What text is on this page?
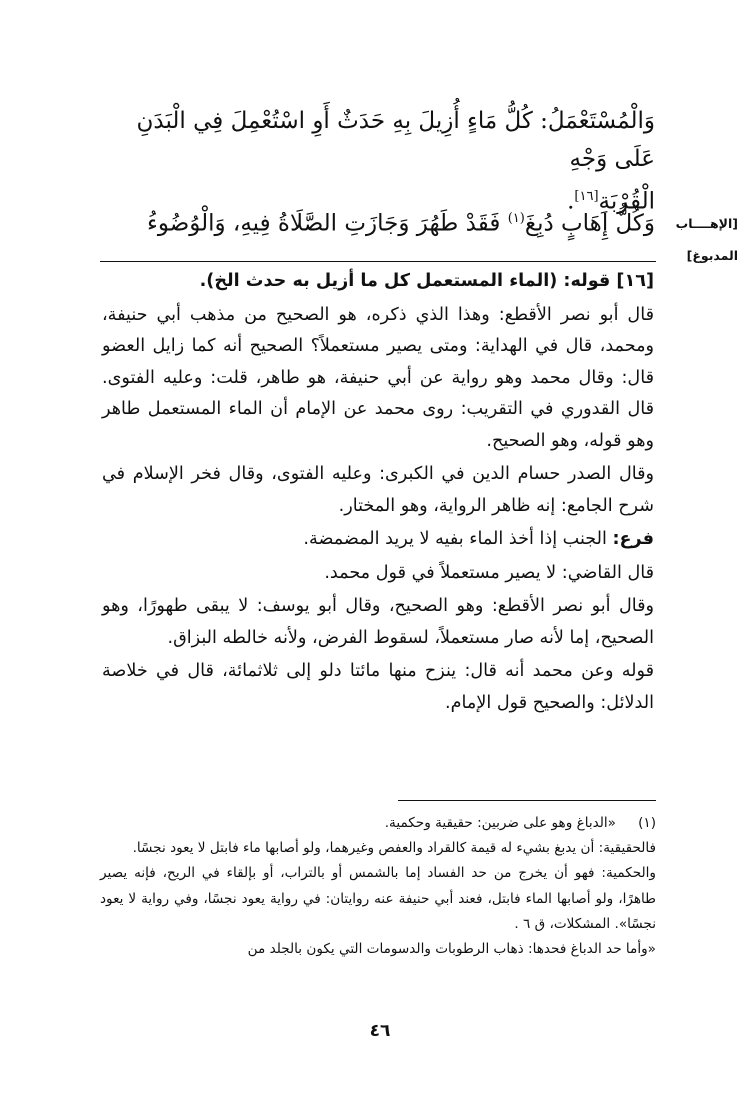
وَالْمُسْتَعْمَلُ: كُلُّ مَاءٍ أُزِيلَ بِهِ حَدَثٌ أَوِ اسْتُعْمِلَ فِي الْبَدَنِ عَلَى وَجْهِ
الْقُرْبَةِ[١٦].
وَكُلُّ إِهَابٍ دُبِغَ$^{(١)}$ فَقَدْ طَهُرَ وَجَازَتِ الصَّلَاةُ فِيهِ، وَالْوُضُوءُ	[الإهــــاب
المدبوغ]

[١٦] قوله: (الماء المستعمل كل ما أزيل به حدث الخ).

قال أبو نصر الأقطع: وهذا الذي ذكره، هو الصحيح من مذهب أبي حنيفة، ومحمد، قال في الهداية: ومتى يصير مستعملاً؟ الصحيح أنه كما زايل العضو قال: وقال محمد وهو رواية عن أبي حنيفة، هو طاهر، قلت: وعليه الفتوى. قال القدوري في التقريب: روى محمد عن الإمام أن الماء المستعمل طاهر وهو قوله، وهو الصحيح.

وقال الصدر حسام الدين في الكبرى: وعليه الفتوى، وقال فخر الإسلام في شرح الجامع: إنه ظاهر الرواية، وهو المختار.

فرع: الجنب إذا أخذ الماء بفيه لا يريد المضمضة.

قال القاضي: لا يصير مستعملاً في قول محمد.

وقال أبو نصر الأقطع: وهو الصحيح، وقال أبو يوسف: لا يبقى طهورًا، وهو الصحيح، إما لأنه صار مستعملاً، لسقوط الفرض، ولأنه خالطه البزاق.

قوله وعن محمد أنه قال: ينزح منها مائتا دلو إلى ثلاثمائة، قال في خلاصة الدلائل: والصحيح قول الإمام.

(١)«الدباغ وهو على ضربين: حقيقية وحكمية.

فالحقيقية: أن يدبغ بشيء له قيمة كالقراد والعفص وغيرهما، ولو أصابها ماء فابتل لا يعود نجسًا.

والحكمية: فهو أن يخرج من حد الفساد إما بالشمس أو بالتراب، أو بإلقاء في الريح، فإنه يصير طاهرًا، ولو أصابها الماء فابتل، فعند أبي حنيفة عنه روايتان: في رواية يعود نجسًا، وفي رواية لا يعود نجسًا». المشكلات، ق ٦ .

«وأما حد الدباغ فحدها: ذهاب الرطوبات والدسومات التي يكون بالجلد من

٤٦
